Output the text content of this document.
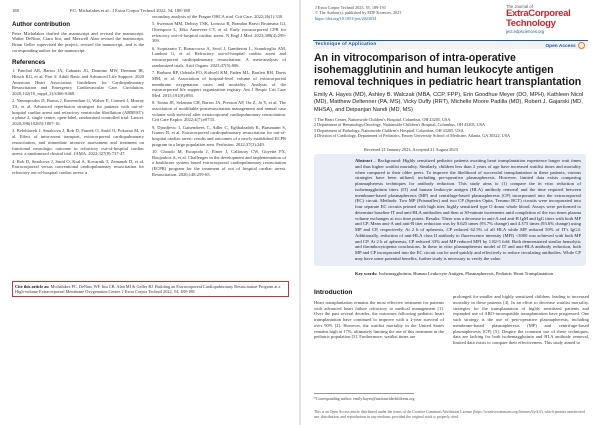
188	P.C. Michalakes et al.: J Extra Corpor Technol 2022, 54, 188-188
Author contribution
Peter Michalakes drafted the manuscript and revised the manuscript. Walter DeNino, Ciara Ittu, and Maxwell Alan revised the manuscript. Brian Geller supervised the project, revised the manuscript, and is the corresponding author for the manuscript.
References
1. Panchal AR, Bartos JA, Cabanas JG, Donnino MW, Drennan IR, Hirsch KG, et al. Part 3: Adult Basic and Advanced Life Support: 2020 American Heart Association Guidelines for Cardiopulmonary Resuscitation and Emergency Cardiovascular Care. Circulation. 2020;142(16_suppl_2):S366-S468.
2. Yannopoulos D, Bartos J, Raveendran G, Walser E, Connett J, Murray TA, et al. Advanced reperfusion strategies for patients with out-of-hospital cardiac arrest and refractory ventricular fibrillation (ARREST): a phase 2, single centre, open-label, randomised controlled trial. Lancet. 2020;396(10265):1807-16.
3. Belohlavek J, Smalcova J, Rob D, Franek O, Smid O, Pokorna M, et al. Effect of intra-arrest transport, extracorporeal cardiopulmonary resuscitation, and immediate invasive assessment and treatment on functional neurologic outcome in refractory out-of-hospital cardiac arrest: a randomized clinical trial. JAMA. 2022;327(8):737-47.
4. Rob D, Smalcova J, Smid O, Kral A, Kovarnik T, Zemanek D, et al. Extracorporeal versus conventional cardiopulmonary resuscitation for refractory out-of-hospital cardiac arrest: a
secondary analysis of the Prague OHCA trial. Crit Care. 2022;26(1):330.
5. Swenson MM, Delissy TSK, Lorusso R, Brandon Bravo Bruinsma GJ, Otterspoor L, Eiko Anneveer CV, et al. Early extracorporeal CPR for refractory out-of-hospital cardiac arrest. N Engl J Med. 2023;388(4):299-309.
6. Scquizzato T, Bonaccorso A, Swol J, Gamberini L, Scandroglio AM, Landoni G, et al. Refractory out-of-hospital cardiac arrest and extracorporeal cardiopulmonary resuscitation: A meta-analysis of randomized trials. Artif Organs. 2023;47(5):806.
7. Barbaro RP, Odetola FO, Kidwell KM, Paden ML, Bartlett RH, Davis MM, et al. Association of hospital-level volume of extracorporeal membrane oxygenation cases and mortality. Analysis of the extracorporeal life support organization registry. Am J Respir Crit Care Med. 2015;191(8):894.
8. Tonna JE, Selzman CH, Bartos JA, Presson AP, Ou Z, Jo Y, et al. The association of modifiable postresuscitation management and annual case volume with survival after extracorporeal cardiopulmonary resuscitation. Crit Care Explor. 2022;4(7):e0733.
9. Djordjevic I, Gaisendrees C, Adler C, Eghbalzadeh K, Braumann S, Ivanov B, et al. Extracorporeal cardiopulmonary resuscitation for out-of-hospital cardiac arrest: results and outcomes of a newly established ECPR program in a large population area. Perfusion. 2022;37(3):249.
10. Choudo M, Escapoda J, Elmer J, Callaway CW, Guyette FX, Boujoukos A, et al. Challenges in the development and implementation of a healthcare system based extracorporeal cardiopulmonary resuscitation (ECPR) program for the treatment of out of hospital cardiac arrest. Resuscitation. 2020;148:259-65.
Cite this article as: Michalakes PC, DeNino WF, Ittu CB, Alan MI & Geller BJ. Building an Extracorporeal Cardiopulmonary Resuscitation Program at a High-volume Extracorporeal Membrane Oxygenation Center. J Extra Corpor Technol 2022, 54, 188-188
J Extra Corpor Technol 2023, 55, 189-193
© The Author(s), published by EDP Sciences, 2023
https://doi.org/10.1051/ject/2023034
The Journal of
ExtraCorporeal
Technology
ject.edpsciences.org
Technique of Application	Open Access
An in vitrocomparison of intra-operative isohemagglutinin and human leukocyte antigen removal techniques in pediatric heart transplantation
Emily A. Hayes (MD), Ashley B. Walczak (MBA, CCP, FPP), Erin Goodhue Meyer (DO, MPH), Kathleen Nicol (MD), Matthew Deltenner (PA, MS), Vicky Duffy (RRT), Michelle Moore Padilla (MD), Robert J. Gajarski (MD, MHSA), and Deipanjan Nandi (MD, MS)
1 The Heart Center, Nationwide Children's Hospital, Columbus, OH 43205, USA
2 Department of Hematology/Oncology, Nationwide Children's Hospital, Columbus, OH 43205, USA
3 Department of Pathology, Nationwide Children's Hospital, Columbus, OH 43205, USA
4 Division of Cardiology, Department of Pediatrics, Emory University School of Medicine, Atlanta, GA 30322, USA
Received 21 January 2023, Accepted 21 August 2023
Abstract – Background: Highly sensitized pediatric patients awaiting heart transplantation experience longer wait times and thus higher waitlist mortality. Similarly, children less than 2 years of age have increased waitlist times and mortality when compared to their older peers. To improve the likelihood of successful transplantation in these patients, various strategies have been utilized, including pre-operative plasmapheresis. However, limited data exists comparing plasmapheresis techniques for antibody reduction. This study aims to (1) compare the in vitro reduction of isohemagglutinin titers (IT) and human leukocyte antigen (HLA) antibody removal and the time required between membrane-based plasmapheresis (MP) and centrifuge-based plasmapheresis (CP) incorporated into the extracorporeal (EC) circuit. Methods: Two MP (Prismaflex) and two CP (Spectra Optia, Terumo BCT) circuits were incorporated into four separate EC circuits primed with high titer, highly sensitized type O donor whole blood. Assays were performed to determine baseline IT and anti-HLA antibodies and then at 30-minute increments until completion of the two times plasma volume exchanges at two time points. Results: There was a decrease in anti-A and anti-B IgM and IgG titers with both MP and CP. Mean anti-A and anti-B titer reduction was by 8.625 times (93.7% change) and 4.375 times (93.6% change) using MP and CP, respectively. At 2 h of apheresis, CP reduced 62.5% of all HLA while MP reduced 50% of IT's IgG4. Additionally, reduction of anti-HLA class II antibody to fluorescence intensity (MFI) <3000 was achieved with both MP and CP. At 2 h of apheresis, CP reduced 33% and MP reduced MFI by 1.82-5 fold. Both demonstrated similar hemolytic and thrombocytopenia conclusions. In these in vitro plasmapheresis model of IT and anti-HLA antibody reduction, both MP and CP incorporated into the EC circuit can be used quickly and effectively to reduce circulating antibodies. While CP may have some potential benefits, further study is necessary to verify the value.
Key words: Isohemagglutinin, Human Leukocyte Antigen, Plasmapheresis, Pediatric Heart Transplantation
Introduction
Heart transplantation remains the most effective treatment for patients with advanced heart failure refractory to medical management [1]. Over the past several decades, the outcomes following pediatric heart transplantation have continued to improve with a 1-year survival of over 90% [2]. However, the waitlist mortality in the United States remains high at 17%, ultimately limiting the use of this treatment in the pediatric population [3]. Furthermore, waitlist times are
prolonged for smaller and highly sensitized children, leading to increased mortality in these patients [4]. In an effort to decrease waitlist mortality, strategies for the transplantation of highly sensitized patients and expanded use of ABO-incompatible transplantation have progressed. One such strategy is the use of peri-operative plasmapheresis, including membrane-based plasmapheresis (MP) and centrifuge-based plasmapheresis (CP) [5]. Despite the common use of these techniques, data are lacking for both isohemagglutinin and HLA antibody removal, limited data exists to compare their effectiveness. This study aimed to
*Corresponding author: emily.hayes@nationwidechildrens.org
This is an Open Access article distributed under the terms of the Creative Commons Attribution License (https://creativecommons.org/licenses/by/4.0), which permits unrestricted use, distribution, and reproduction in any medium, provided the original work is properly cited.
